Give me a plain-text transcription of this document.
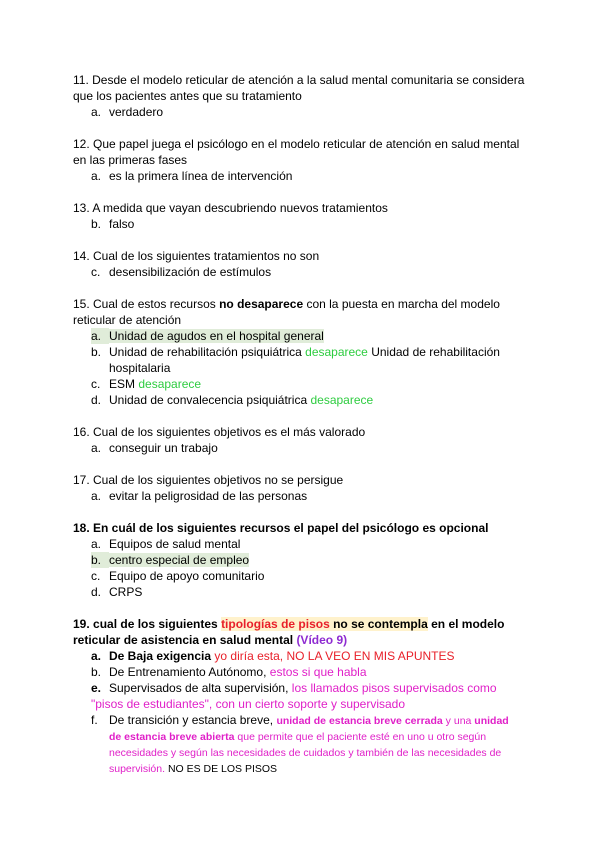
11. Desde el modelo reticular de atención a la salud mental comunitaria se considera que los pacientes antes que su tratamiento
a. verdadero
12. Que papel juega el psicólogo en el modelo reticular de atención en salud mental en las primeras fases
a. es la primera línea de intervención
13. A medida que vayan descubriendo nuevos tratamientos
b. falso
14. Cual de los siguientes tratamientos no son
c. desensibilización de estímulos
15. Cual de estos recursos no desaparece con la puesta en marcha del modelo reticular de atención
a. Unidad de agudos en el hospital general
b. Unidad de rehabilitación psiquiátrica desaparece Unidad de rehabilitación
hospitalaria
c. ESM desaparece
d. Unidad de convalecencia psiquiátrica desaparece
16. Cual de los siguientes objetivos es el más valorado
a. conseguir un trabajo
17. Cual de los siguientes objetivos no se persigue
a. evitar la peligrosidad de las personas
18. En cuál de los siguientes recursos el papel del psicólogo es opcional
a. Equipos de salud mental
b. centro especial de empleo
c. Equipo de apoyo comunitario
d. CRPS
19. cual de los siguientes tipologías de pisos no se contempla en el modelo reticular de asistencia en salud mental (Vídeo 9)
a. De Baja exigencia yo diría esta, NO LA VEO EN MIS APUNTES
b. De Entrenamiento Autónomo, estos si que habla
e. Supervisados de alta supervisión, los llamados pisos supervisados como "pisos de estudiantes", con un cierto soporte y supervisado
f. De transición y estancia breve, unidad de estancia breve cerrada y una unidad de estancia breve abierta que permite que el paciente esté en uno u otro según necesidades y según las necesidades de cuidados y también de las necesidades de supervisión. NO ES DE LOS PISOS
